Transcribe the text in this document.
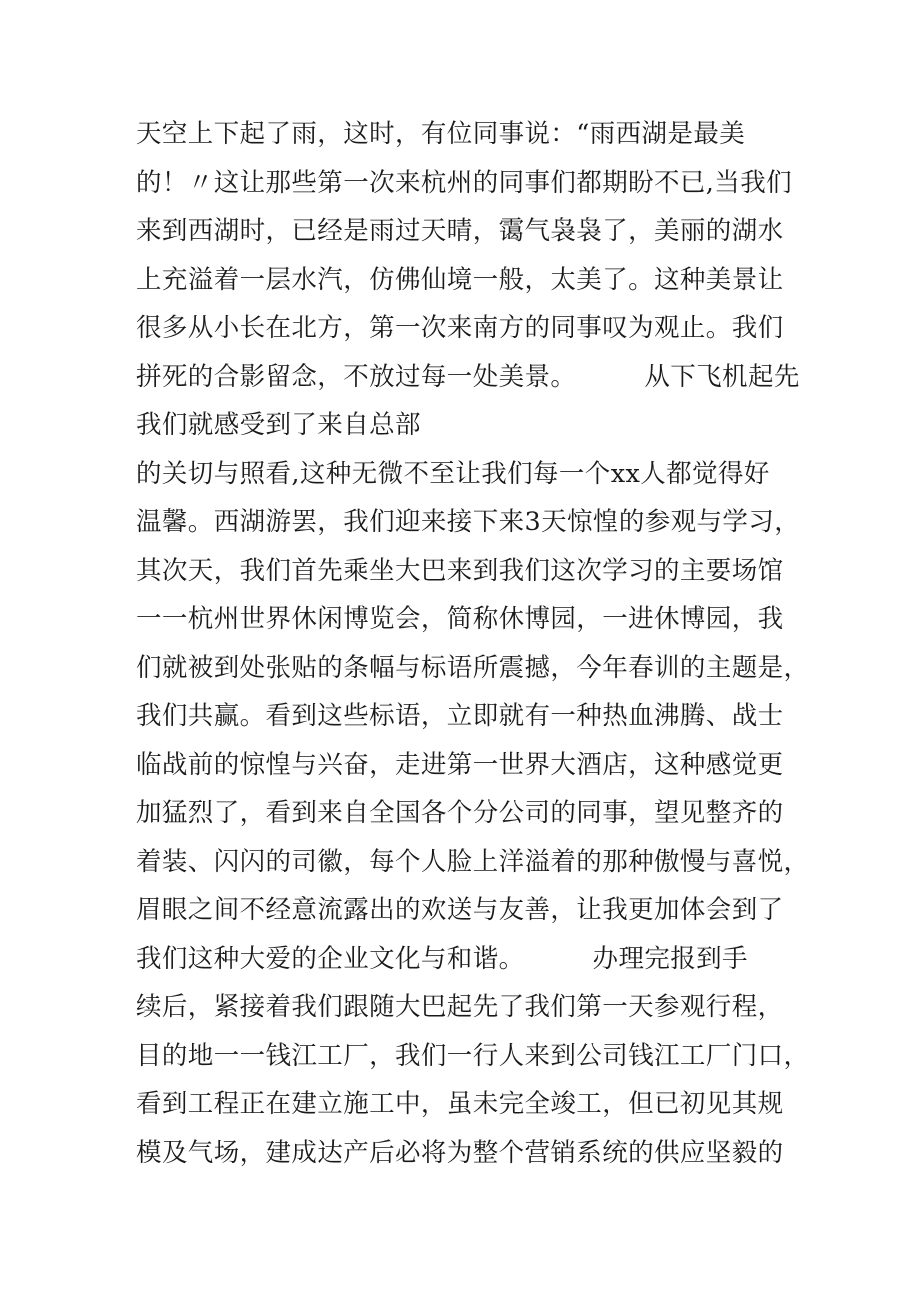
天空上下起了雨，这时，有位同事说：“雨西湖是最美
的！〃这让那些第一次来杭州的同事们都期盼不已,当我们
来到西湖时，已经是雨过天晴，霭气袅袅了，美丽的湖水
上充溢着一层水汽，仿佛仙境一般，太美了。这种美景让
很多从小长在北方，第一次来南方的同事叹为观止。我们
拼死的合影留念，不放过每一处美景。        从下飞机起先
我们就感受到了来自总部
的关切与照看,这种无微不至让我们每一个xx人都觉得好
温馨。西湖游罢，我们迎来接下来3天惊惶的参观与学习，
其次天，我们首先乘坐大巴来到我们这次学习的主要场馆
一一杭州世界休闲博览会，简称休博园，一进休博园，我
们就被到处张贴的条幅与标语所震撼，今年春训的主题是，
我们共赢。看到这些标语，立即就有一种热血沸腾、战士
临战前的惊惶与兴奋，走进第一世界大酒店，这种感觉更
加猛烈了，看到来自全国各个分公司的同事，望见整齐的
着装、闪闪的司徽，每个人脸上洋溢着的那种傲慢与喜悦，
眉眼之间不经意流露出的欢送与友善，让我更加体会到了
我们这种大爱的企业文化与和谐。        办理完报到手
续后，紧接着我们跟随大巴起先了我们第一天参观行程，
目的地一一钱江工厂，我们一行人来到公司钱江工厂门口，
看到工程正在建立施工中，虽未完全竣工，但已初见其规
模及气场，建成达产后必将为整个营销系统的供应坚毅的
